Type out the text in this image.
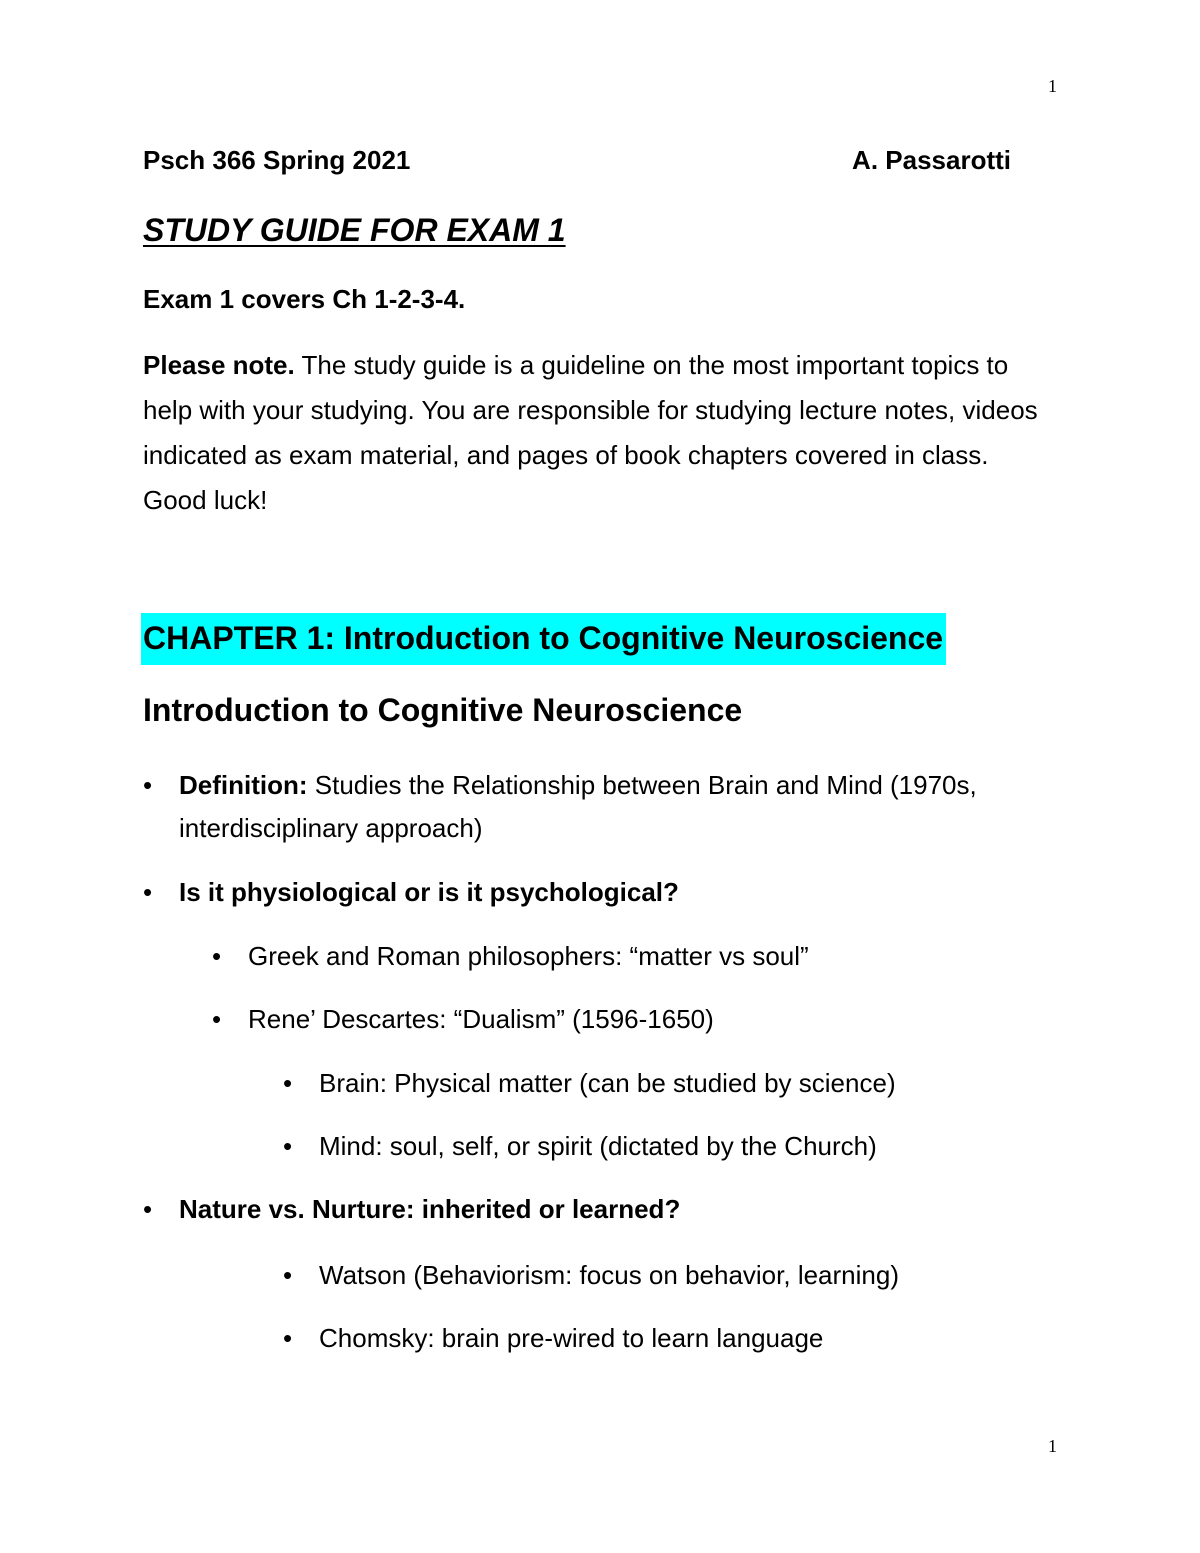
1
Psch 366 Spring 2021	A. Passarotti
STUDY GUIDE FOR EXAM 1
Exam 1 covers Ch 1-2-3-4.
Please note. The study guide is a guideline on the most important topics to help with your studying. You are responsible for studying lecture notes, videos indicated as exam material, and pages of book chapters covered in class. Good luck!
CHAPTER 1: Introduction to Cognitive Neuroscience
Introduction to Cognitive Neuroscience
•	Definition: Studies the Relationship between Brain and Mind (1970s, interdisciplinary approach)
•	Is it physiological or is it psychological?
•	Greek and Roman philosophers: “matter vs soul”
•	Rene’ Descartes: “Dualism” (1596-1650)
•	Brain: Physical matter (can be studied by science)
•	Mind: soul, self, or spirit (dictated by the Church)
•	Nature vs. Nurture: inherited or learned?
•	Watson (Behaviorism: focus on behavior, learning)
•	Chomsky: brain pre-wired to learn language
1
